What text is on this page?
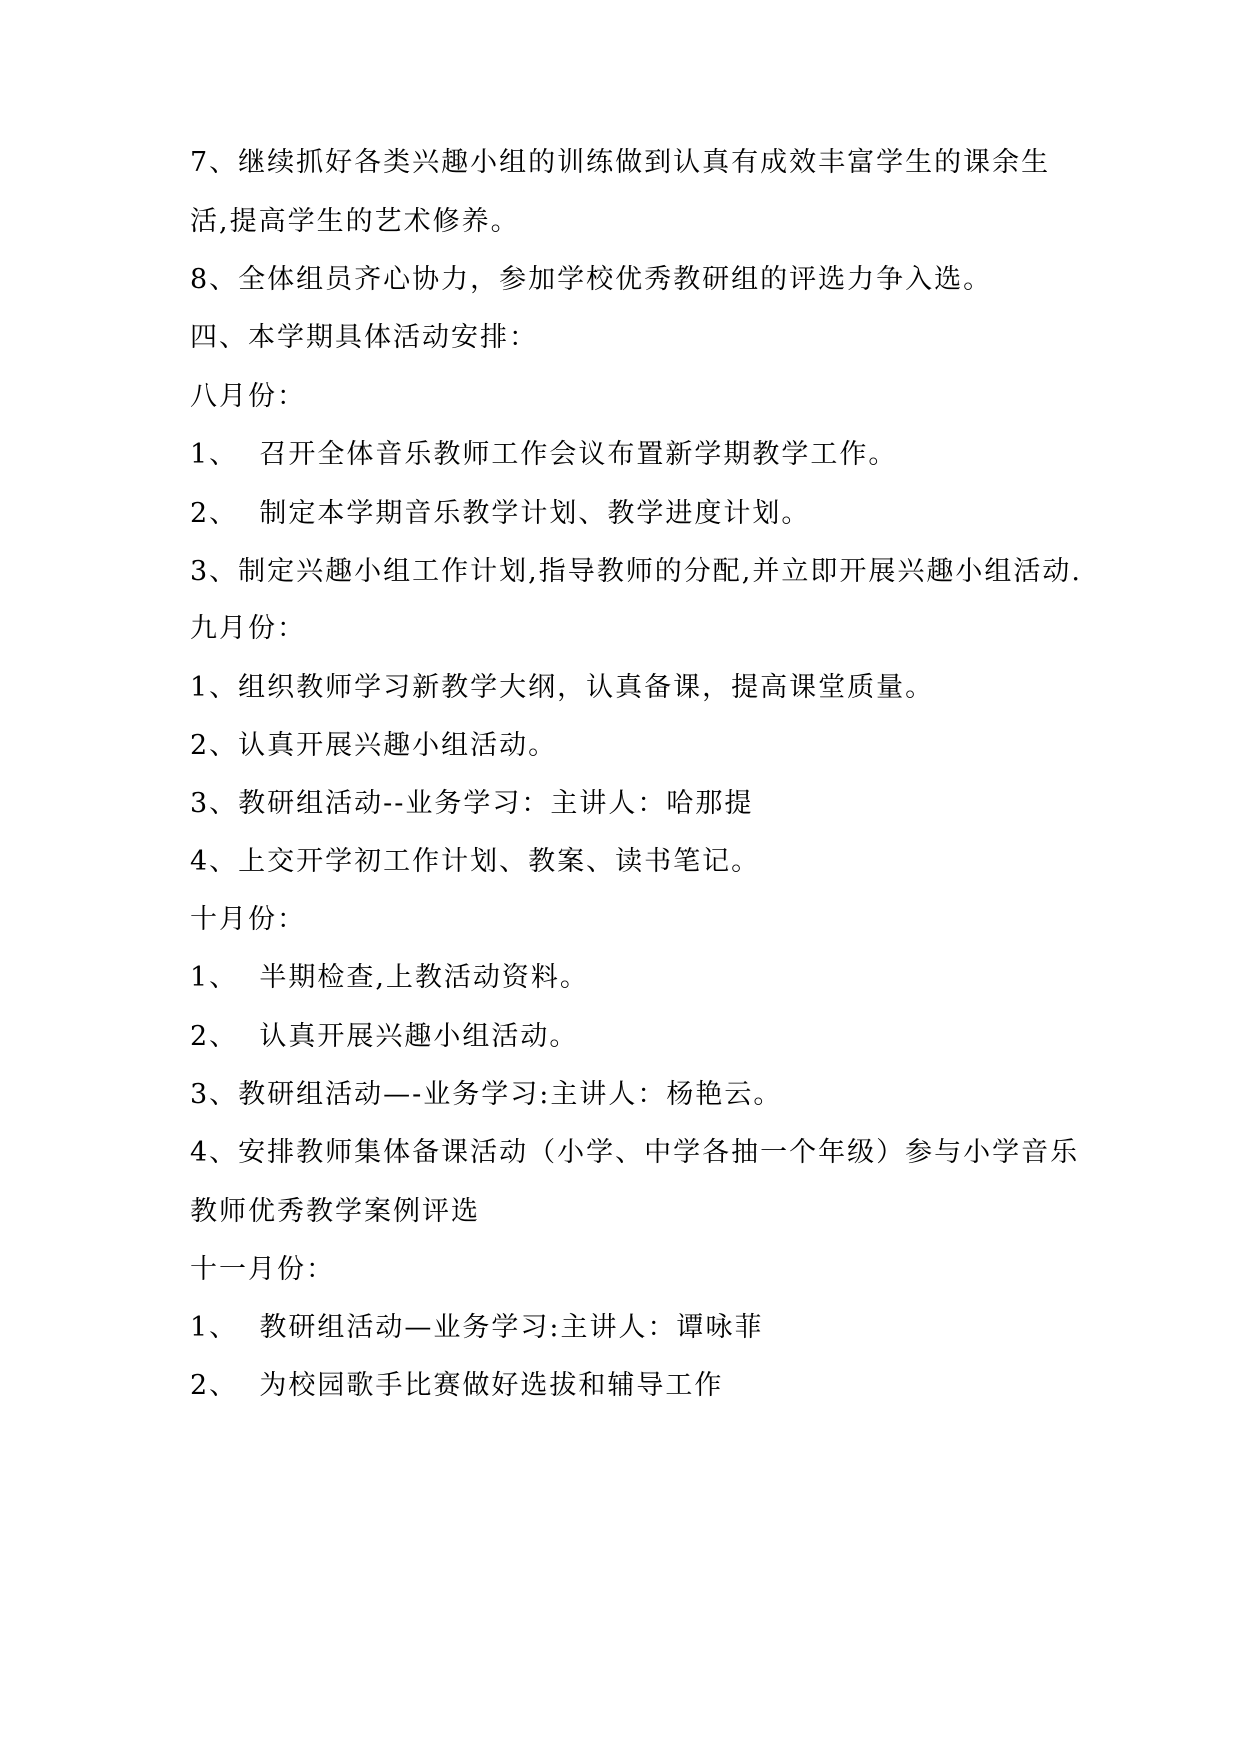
7、继续抓好各类兴趣小组的训练做到认真有成效丰富学生的课余生
活,提高学生的艺术修养。
8、全体组员齐心协力，参加学校优秀教研组的评选力争入选。
四、本学期具体活动安排：
八月份：
1、  召开全体音乐教师工作会议布置新学期教学工作。
2、  制定本学期音乐教学计划、教学进度计划。
3、制定兴趣小组工作计划,指导教师的分配,并立即开展兴趣小组活动.
九月份：
1、组织教师学习新教学大纲，认真备课，提高课堂质量。
2、认真开展兴趣小组活动。
3、教研组活动--业务学习：主讲人：哈那提
4、上交开学初工作计划、教案、读书笔记。
十月份：
1、  半期检查,上教活动资料。
2、  认真开展兴趣小组活动。
3、教研组活动—-业务学习:主讲人：杨艳云。
4、安排教师集体备课活动（小学、中学各抽一个年级）参与小学音乐
教师优秀教学案例评选
十一月份：
1、  教研组活动—业务学习:主讲人：谭咏菲
2、  为校园歌手比赛做好选拔和辅导工作
